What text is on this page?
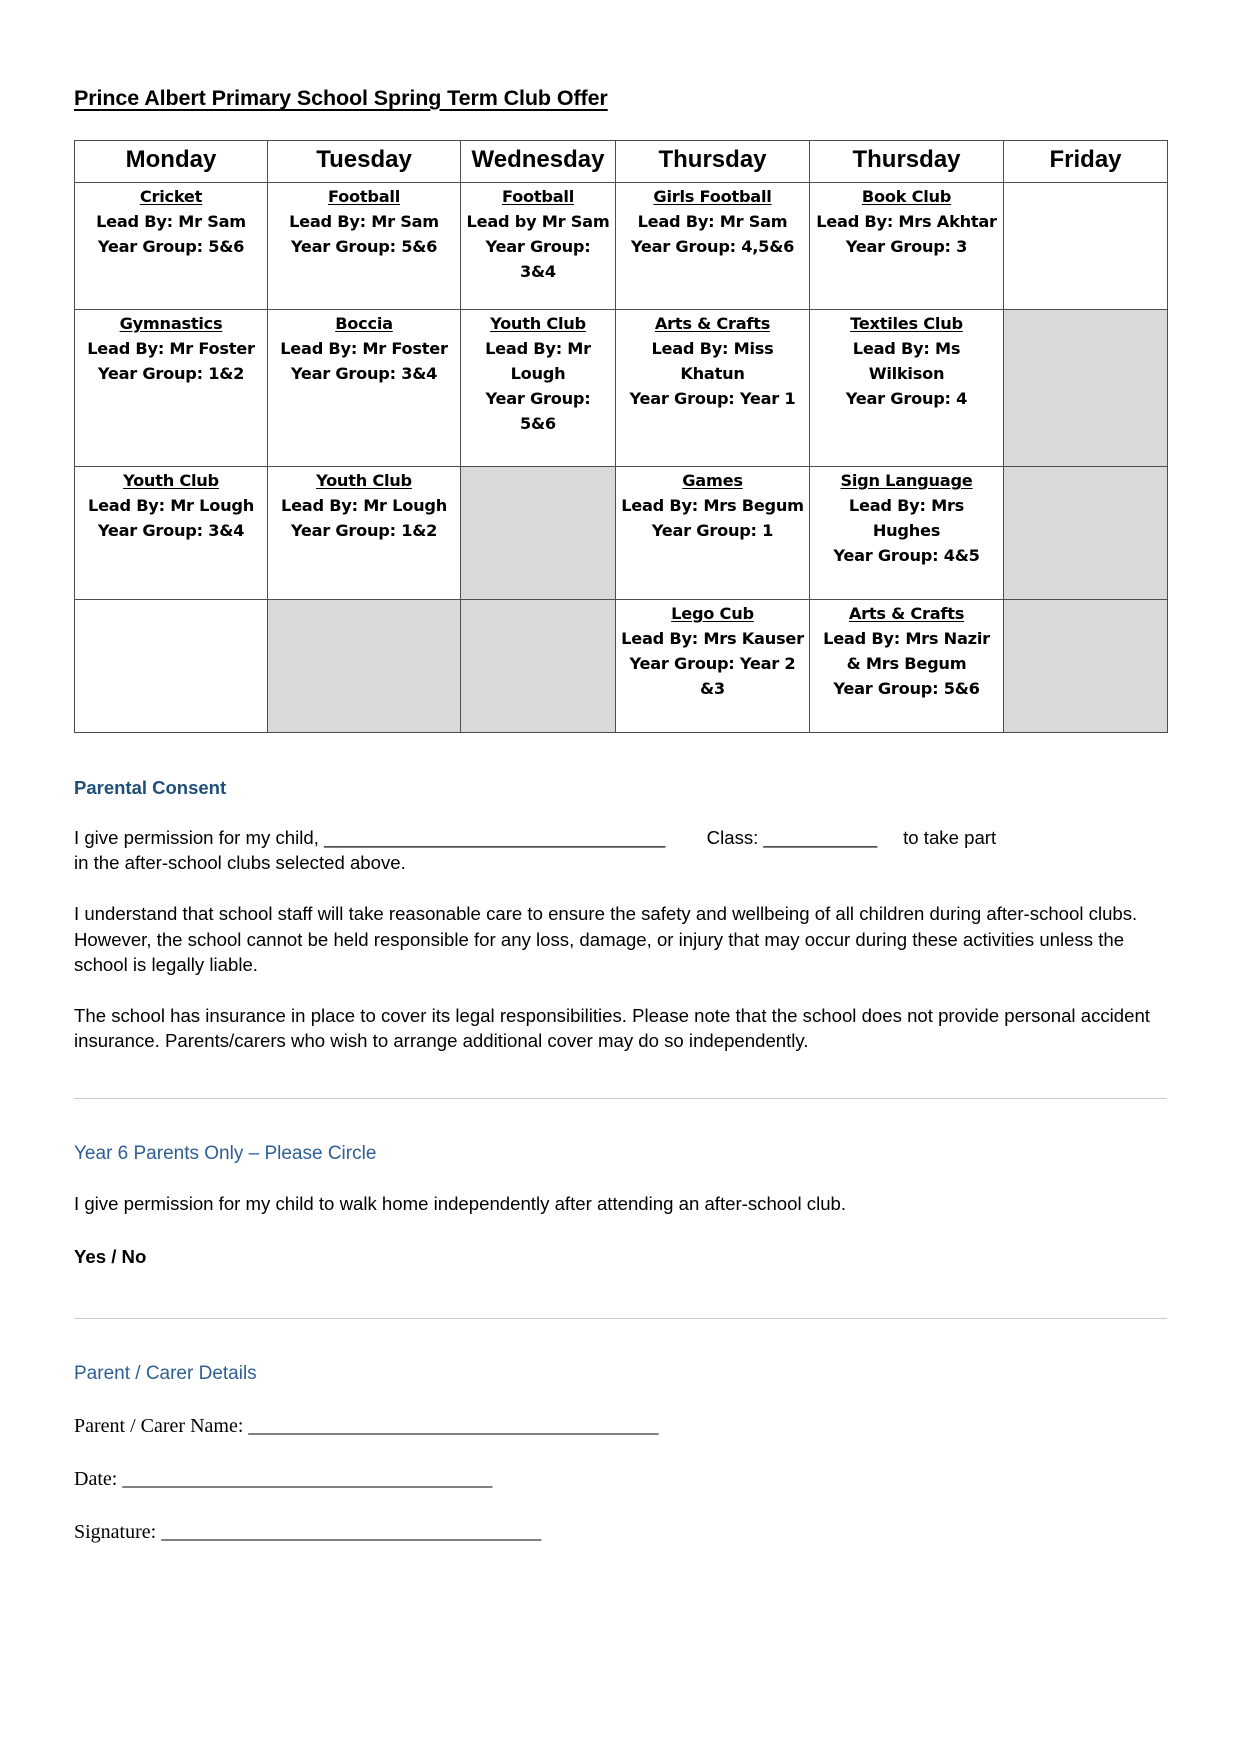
Prince Albert Primary School Spring Term Club Offer
Monday	Tuesday	Wednesday	Thursday	Thursday	Friday

Cricket
Lead By: Mr Sam
Year Group: 5&6	Football
Lead By: Mr Sam
Year Group: 5&6	Football
Lead by Mr Sam
Year Group: 3&4	Girls Football
Lead By: Mr Sam
Year Group: 4,5&6	Book Club
Lead By: Mrs Akhtar
Year Group: 3	

Gymnastics
Lead By: Mr Foster
Year Group: 1&2	Boccia
Lead By: Mr Foster
Year Group: 3&4	Youth Club
Lead By: Mr Lough
Year Group: 5&6	Arts & Crafts
Lead By: Miss Khatun
Year Group: Year 1	Textiles Club
Lead By: Ms Wilkison
Year Group: 4	

Youth Club
Lead By: Mr Lough
Year Group: 3&4	Youth Club
Lead By: Mr Lough
Year Group: 1&2		Games
Lead By: Mrs Begum
Year Group: 1	Sign Language
Lead By: Mrs Hughes
Year Group: 4&5	

			Lego Cub
Lead By: Mrs Kauser
Year Group: Year 2 &3	Arts & Crafts
Lead By: Mrs Nazir & Mrs Begum
Year Group: 5&6	

Parental Consent

I give permission for my child, _________________________________ Class: ___________ to take part
in the after-school clubs selected above.

I understand that school staff will take reasonable care to ensure the safety and wellbeing of all children during after-school clubs. However, the school cannot be held responsible for any loss, damage, or injury that may occur during these activities unless the school is legally liable.

The school has insurance in place to cover its legal responsibilities. Please note that the school does not provide personal accident insurance. Parents/carers who wish to arrange additional cover may do so independently.

Year 6 Parents Only – Please Circle

I give permission for my child to walk home independently after attending an after-school club.

Yes / No

Parent / Carer Details

Parent / Carer Name: _________________________________________

Date: _____________________________________

Signature: ______________________________________
